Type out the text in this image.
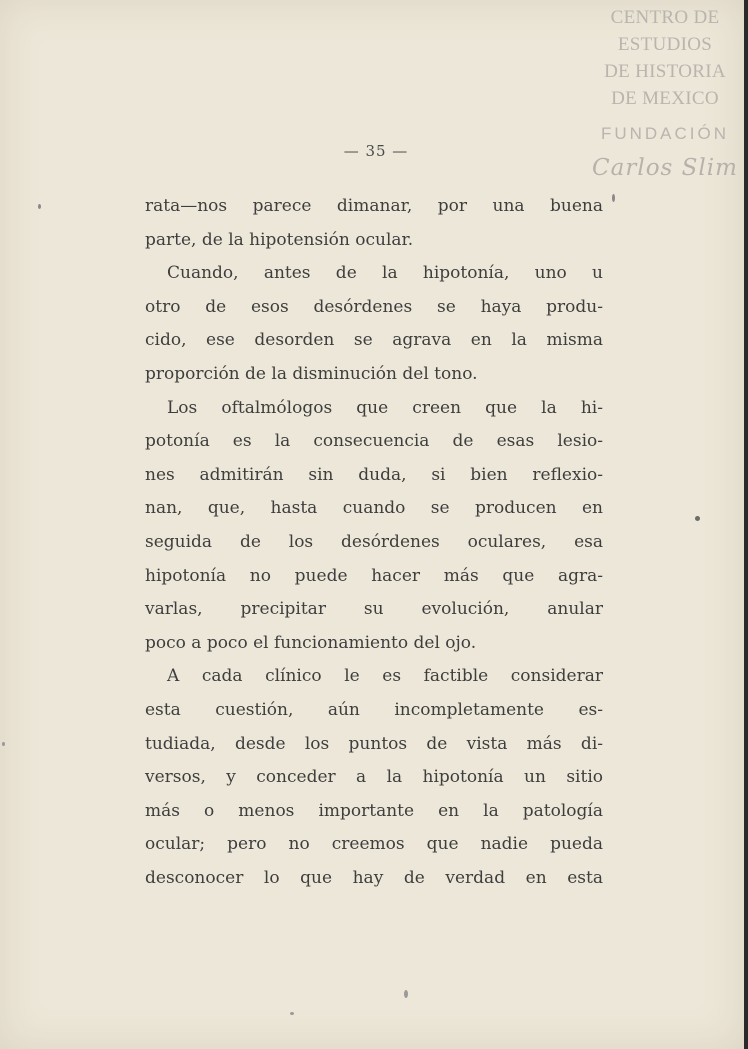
CENTRO DE
ESTUDIOS
DE HISTORIA
DE MEXICO
FUNDACIÓN
Carlos Slim
— 35 —
rata—nos parece dimanar, por una buena
parte, de la hipotensión ocular.
Cuando, antes de la hipotonía, uno u
otro de esos desórdenes se haya produ-
cido, ese desorden se agrava en la misma
proporción de la disminución del tono.
Los oftalmólogos que creen que la hi-
potonía es la consecuencia de esas lesio-
nes admitirán sin duda, si bien reflexio-
nan, que, hasta cuando se producen en
seguida de los desórdenes oculares, esa
hipotonía no puede hacer más que agra-
varlas, precipitar su evolución, anular
poco a poco el funcionamiento del ojo.
A cada clínico le es factible considerar
esta cuestión, aún incompletamente es-
tudiada, desde los puntos de vista más di-
versos, y conceder a la hipotonía un sitio
más o menos importante en la patología
ocular; pero no creemos que nadie pueda
desconocer lo que hay de verdad en esta
